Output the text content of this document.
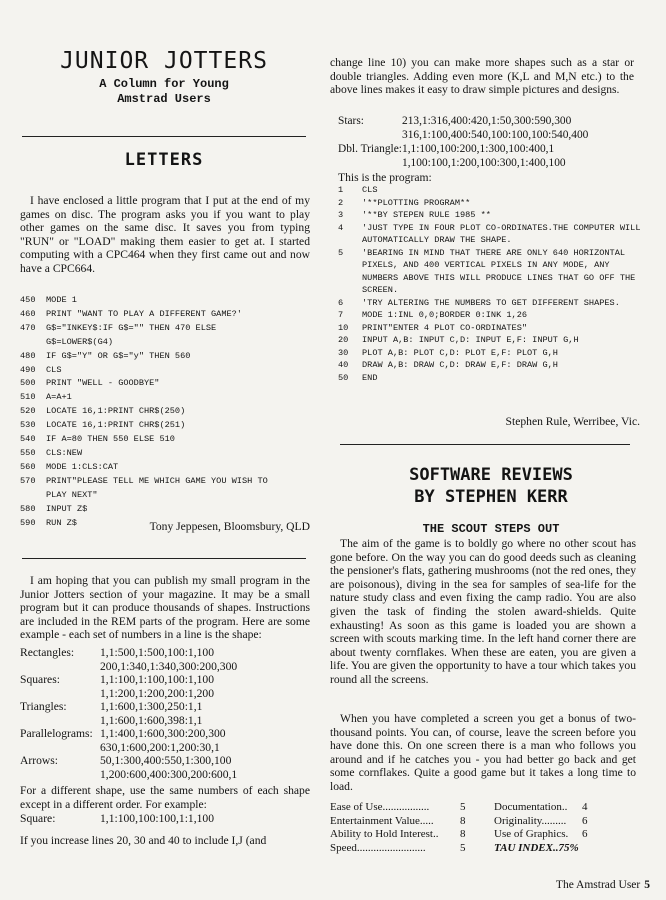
JUNIOR JOTTERS
A Column for Young
Amstrad Users
LETTERS
I have enclosed a little program that I put at the end of my games on disc. The program asks you if you want to play other games on the same disc. It saves you from typing "RUN" or "LOAD" making them easier to get at. I started computing with a CPC464 when they first came out and now have a CPC664.
450 MODE 1
460 PRINT "WANT TO PLAY A DIFFERENT GAME?'
470 G$="INKEY$:IF G$="" THEN 470 ELSE
G$=LOWER$(G4)
480 IF G$="Y" OR G$="y" THEN 560
490 CLS
500 PRINT "WELL - GOODBYE"
510 A=A+1
520 LOCATE 16,1:PRINT CHR$(250)
530 LOCATE 16,1:PRINT CHR$(251)
540 IF A=80 THEN 550 ELSE 510
550 CLS:NEW
560 MODE 1:CLS:CAT
570 PRINT"PLEASE TELL ME WHICH GAME YOU WISH TO
PLAY NEXT"
580 INPUT Z$
590 RUN Z$	Tony Jeppesen, Bloomsbury, QLD
I am hoping that you can publish my small program in the Junior Jotters section of your magazine. It may be a small program but it can produce thousands of shapes. Instructions are included in the REM parts of the program. Here are some example - each set of numbers in a line is the shape:
Rectangles:	1,1:500,1:500,100:1,100
200,1:340,1:340,300:200,300
Squares:	1,1:100,1:100,100:1,100
1,1:200,1:200,200:1,200
Triangles:	1,1:600,1:300,250:1,1
1,1:600,1:600,398:1,1
Parallelograms: 1,1:400,1:600,300:200,300
630,1:600,200:1,200:30,1
Arrows:	50,1:300,400:550,1:300,100
1,200:600,400:300,200:600,1
For a different shape, use the same numbers of each shape except in a different order. For example:
Square:	1,1:100,100:100,1:1,100
If you increase lines 20, 30 and 40 to include I,J (and
change line 10) you can make more shapes such as a star or double triangles. Adding even more (K,L and M,N etc.) to the above lines makes it easy to draw simple pictures and designs.
Stars:	213,1:316,400:420,1:50,300:590,300
316,1:100,400:540,100:100,100:540,400
Dbl. Triangle: 1,1:100,100:200,1:300,100:400,1
1,100:100,1:200,100:300,1:400,100
This is the program:
1	CLS
2	'**PLOTTING PROGRAM**
3	'**BY STEPEN RULE 1985 **
4	'JUST TYPE IN FOUR PLOT CO-ORDINATES.THE COMPUTER WILL AUTOMATICALLY DRAW THE SHAPE.
5	'BEARING IN MIND THAT THERE ARE ONLY 640 HORIZONTAL PIXELS, AND 400 VERTICAL PIXELS IN ANY MODE, ANY NUMBERS ABOVE THIS WILL PRODUCE LINES THAT GO OFF THE SCREEN.
6	'TRY ALTERING THE NUMBERS TO GET DIFFERENT SHAPES.
7	MODE 1:INL 0,0;BORDER 0:INK 1,26
10	PRINT"ENTER 4 PLOT CO-ORDINATES"
20	INPUT A,B: INPUT C,D: INPUT E,F: INPUT G,H
30	PLOT A,B: PLOT C,D: PLOT E,F: PLOT G,H
40	DRAW A,B: DRAW C,D: DRAW E,F: DRAW G,H
50	END
Stephen Rule, Werribee, Vic.
SOFTWARE REVIEWS
BY STEPHEN KERR
THE SCOUT STEPS OUT
The aim of the game is to boldly go where no other scout has gone before. On the way you can do good deeds such as cleaning the pensioner's flats, gathering mushrooms (not the red ones, they are poisonous), diving in the sea for samples of sea-life for the nature study class and even fixing the camp radio. You are also given the task of finding the stolen award-shields. Quite exhausting! As soon as this game is loaded you are shown a screen with scouts marking time. In the left hand corner there are about twenty cornflakes. When these are eaten, you are given a life. You are given the opportunity to have a tour which takes you round all the screens.
When you have completed a screen you get a bonus of two-thousand points. You can, of course, leave the screen before you have done this. On one screen there is a man who follows you around and if he catches you - you had better go back and get some cornflakes. Quite a good game but it takes a long time to load.
Ease of Use.................	5	Documentation..	4
Entertainment Value.....	8	Originality.........	6
Ability to Hold Interest..	8	Use of Graphics.	6
Speed.........................	5	TAU INDEX..75%
The Amstrad User 5
